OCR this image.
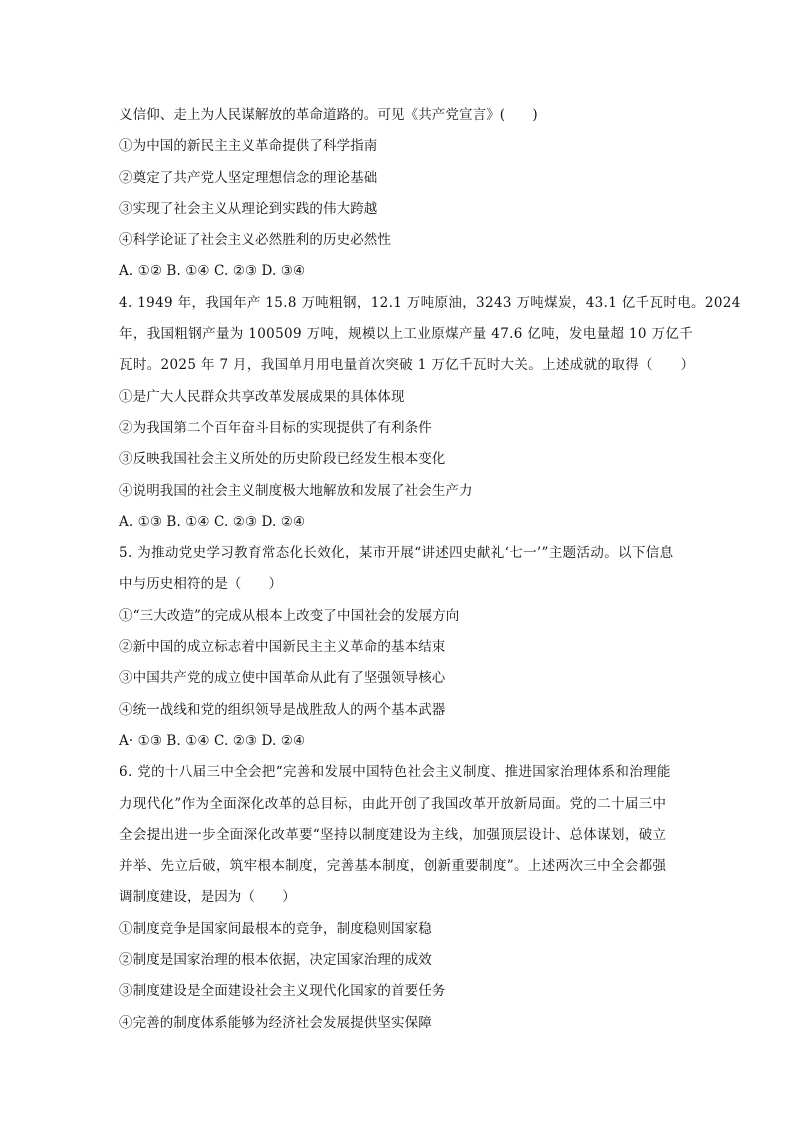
义信仰、走上为人民谋解放的革命道路的。可见《共产党宣言》(　　)
①为中国的新民主主义革命提供了科学指南
②奠定了共产党人坚定理想信念的理论基础
③实现了社会主义从理论到实践的伟大跨越
④科学论证了社会主义必然胜利的历史必然性
A. ①② B. ①④ C. ②③ D. ③④
4. 1949 年，我国年产 15.8 万吨粗钢，12.1 万吨原油，3243 万吨煤炭，43.1 亿千瓦时电。2024
年，我国粗钢产量为 100509 万吨，规模以上工业原煤产量 47.6 亿吨，发电量超 10 万亿千
瓦时。2025 年 7 月，我国单月用电量首次突破 1 万亿千瓦时大关。上述成就的取得（　　）
①是广大人民群众共享改革发展成果的具体体现
②为我国第二个百年奋斗目标的实现提供了有利条件
③反映我国社会主义所处的历史阶段已经发生根本变化
④说明我国的社会主义制度极大地解放和发展了社会生产力
A. ①③ B. ①④ C. ②③ D. ②④
5. 为推动党史学习教育常态化长效化，某市开展“讲述四史献礼‘七一’”主题活动。以下信息
中与历史相符的是（　　）
①“三大改造”的完成从根本上改变了中国社会的发展方向
②新中国的成立标志着中国新民主主义革命的基本结束
③中国共产党的成立使中国革命从此有了坚强领导核心
④统一战线和党的组织领导是战胜敌人的两个基本武器
A· ①③ B. ①④ C. ②③ D. ②④
6. 党的十八届三中全会把“完善和发展中国特色社会主义制度、推进国家治理体系和治理能
力现代化”作为全面深化改革的总目标，由此开创了我国改革开放新局面。党的二十届三中
全会提出进一步全面深化改革要“坚持以制度建设为主线，加强顶层设计、总体谋划，破立
并举、先立后破，筑牢根本制度，完善基本制度，创新重要制度”。上述两次三中全会都强
调制度建设，是因为（　　）
①制度竞争是国家间最根本的竞争，制度稳则国家稳
②制度是国家治理的根本依据，决定国家治理的成效
③制度建设是全面建设社会主义现代化国家的首要任务
④完善的制度体系能够为经济社会发展提供坚实保障
